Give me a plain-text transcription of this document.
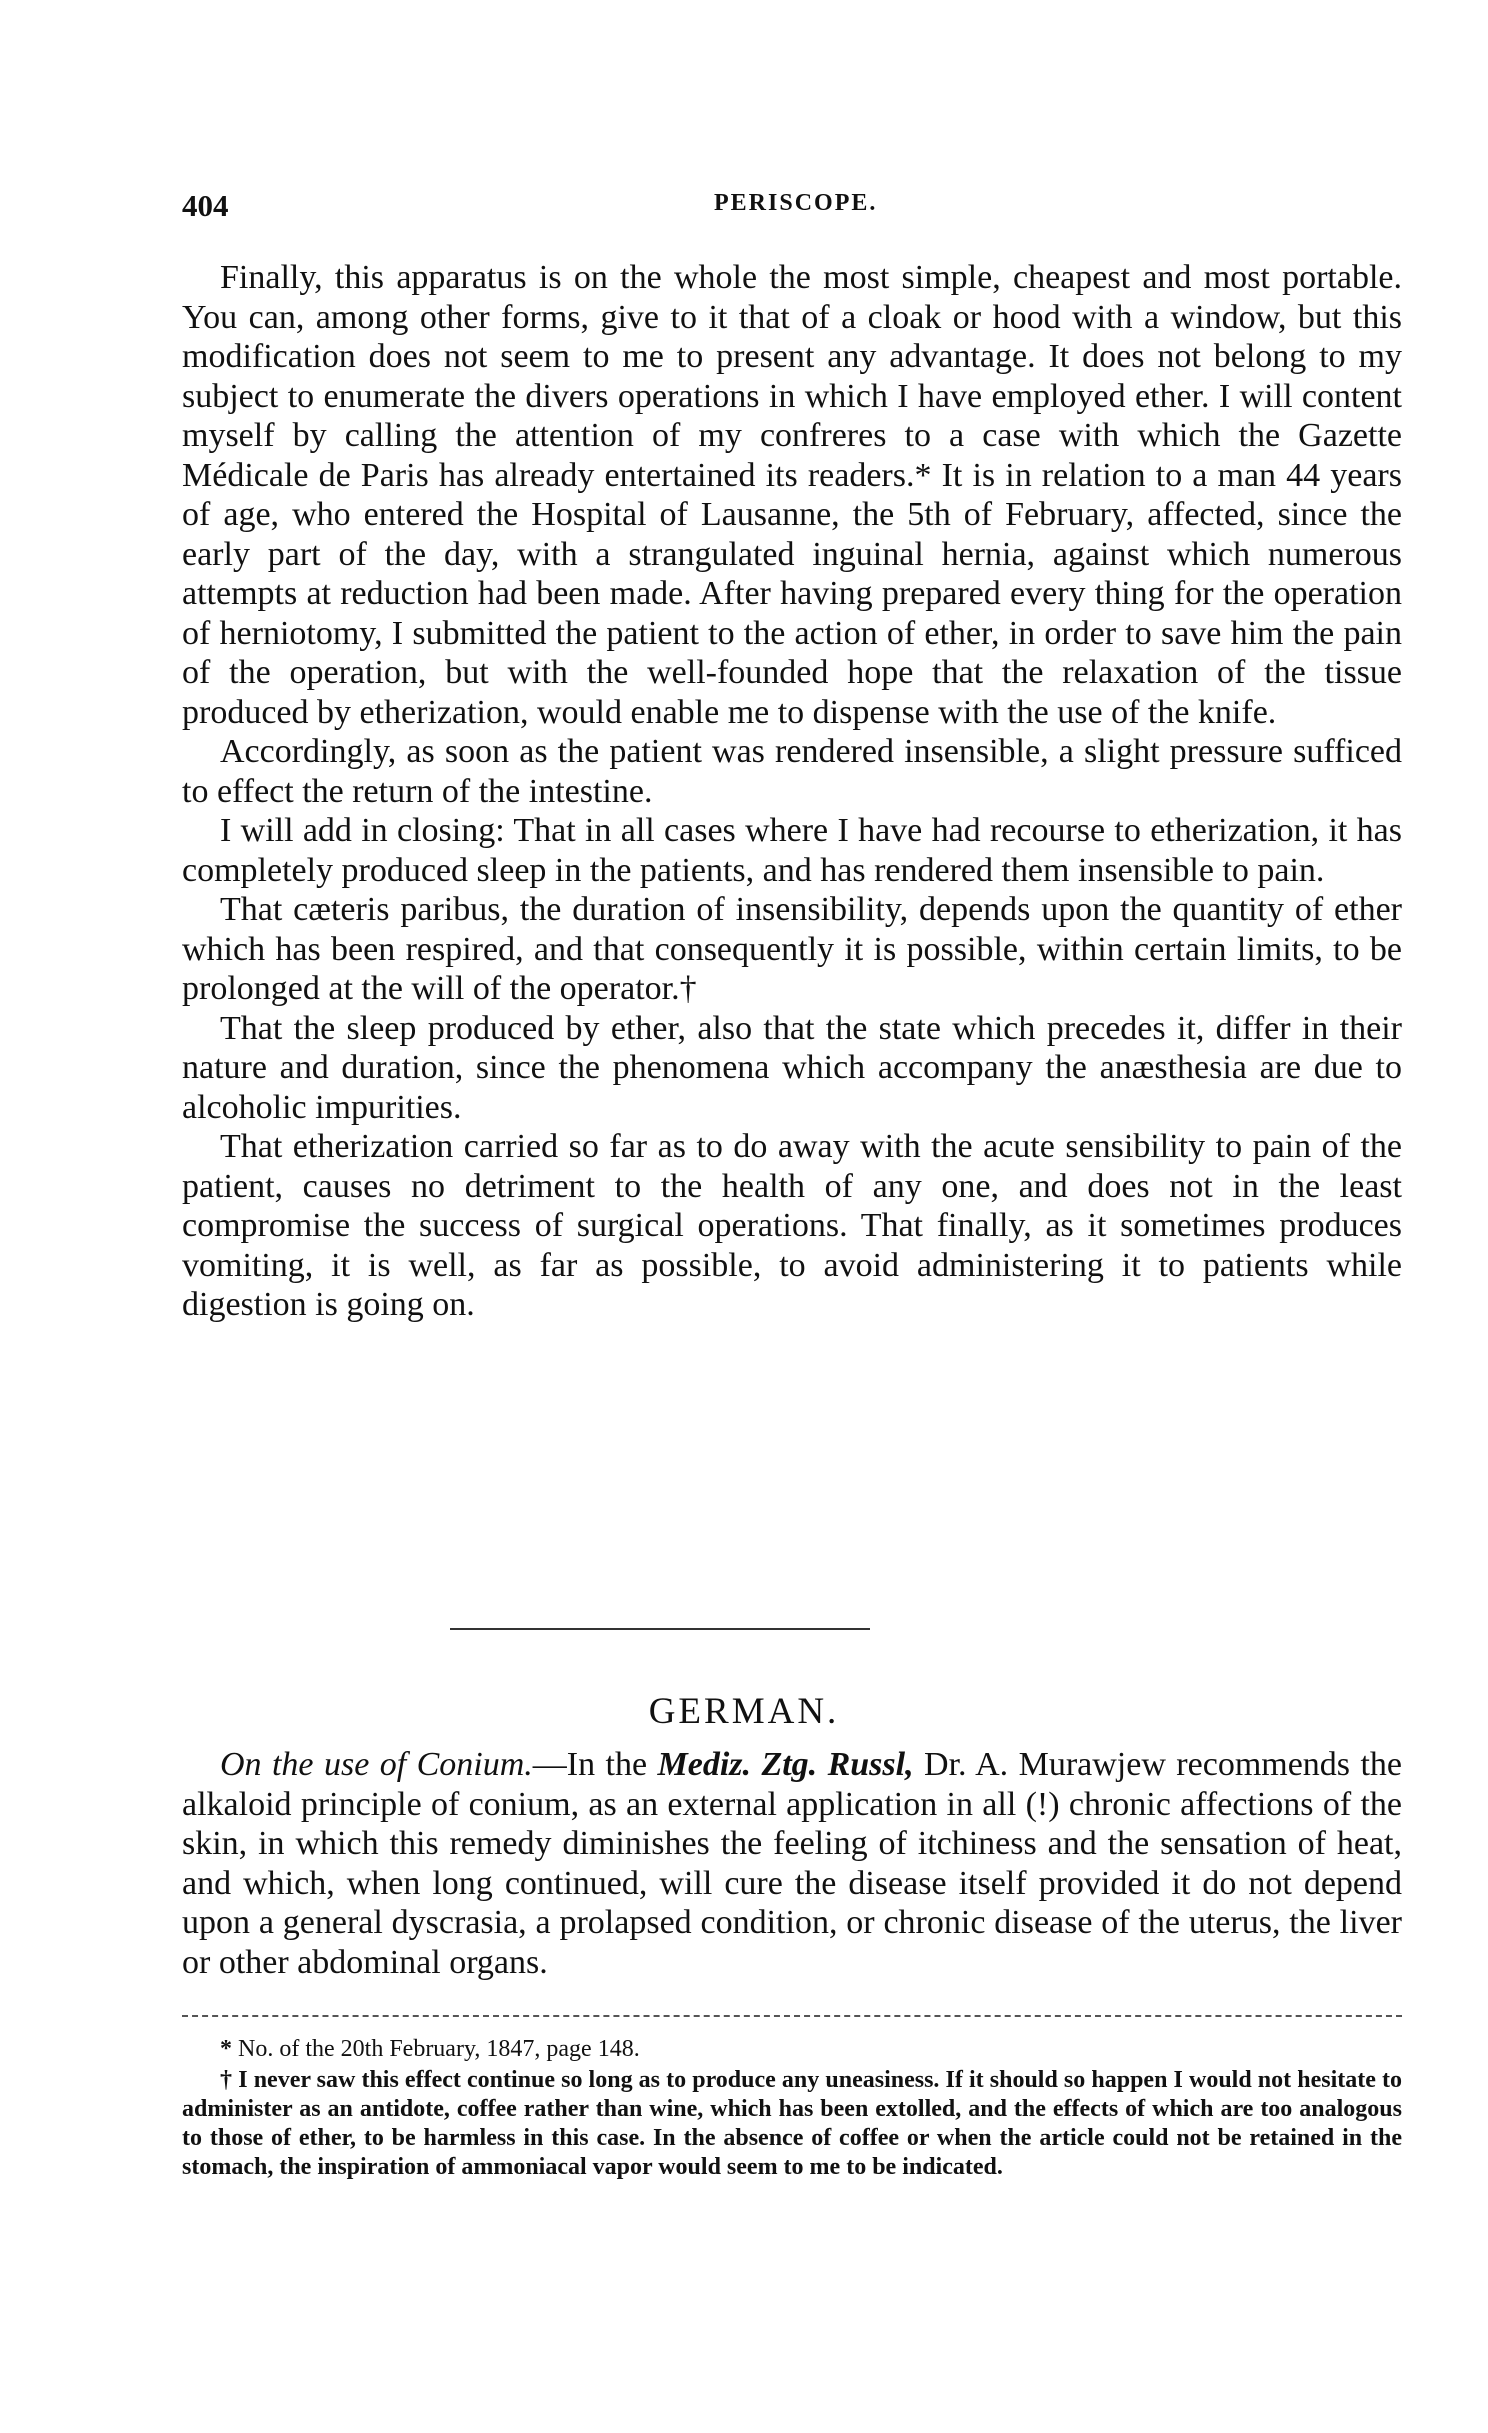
404	PERISCOPE.

Finally, this apparatus is on the whole the most simple, cheapest and most portable. You can, among other forms, give to it that of a cloak or hood with a window, but this modification does not seem to me to present any advantage. It does not belong to my subject to enumerate the divers operations in which I have employed ether. I will content myself by calling the attention of my confreres to a case with which the Gazette Médicale de Paris has already entertained its readers.* It is in relation to a man 44 years of age, who entered the Hospital of Lausanne, the 5th of February, affected, since the early part of the day, with a strangulated inguinal hernia, against which numerous attempts at reduction had been made. After having prepared every thing for the operation of herniotomy, I submitted the patient to the action of ether, in order to save him the pain of the operation, but with the well-founded hope that the relaxation of the tissue produced by etherization, would enable me to dispense with the use of the knife.

Accordingly, as soon as the patient was rendered insensible, a slight pressure sufficed to effect the return of the intestine.

I will add in closing: That in all cases where I have had recourse to etherization, it has completely produced sleep in the patients, and has rendered them insensible to pain.

That cæteris paribus, the duration of insensibility, depends upon the quantity of ether which has been respired, and that consequently it is possible, within certain limits, to be prolonged at the will of the operator.†

That the sleep produced by ether, also that the state which precedes it, differ in their nature and duration, since the phenomena which accompany the anæsthesia are due to alcoholic impurities.

That etherization carried so far as to do away with the acute sensibility to pain of the patient, causes no detriment to the health of any one, and does not in the least compromise the success of surgical operations. That finally, as it sometimes produces vomiting, it is well, as far as possible, to avoid administering it to patients while digestion is going on.

GERMAN.

On the use of Conium.—In the Mediz. Ztg. Russl, Dr. A. Murawjew recommends the alkaloid principle of conium, as an external application in all (!) chronic affections of the skin, in which this remedy diminishes the feeling of itchiness and the sensation of heat, and which, when long continued, will cure the disease itself provided it do not depend upon a general dyscrasia, a prolapsed condition, or chronic disease of the uterus, the liver or other abdominal organs.

* No. of the 20th February, 1847, page 148.

† I never saw this effect continue so long as to produce any uneasiness. If it should so happen I would not hesitate to administer as an antidote, coffee rather than wine, which has been extolled, and the effects of which are too analogous to those of ether, to be harmless in this case. In the absence of coffee or when the article could not be retained in the stomach, the inspiration of ammoniacal vapor would seem to me to be indicated.
